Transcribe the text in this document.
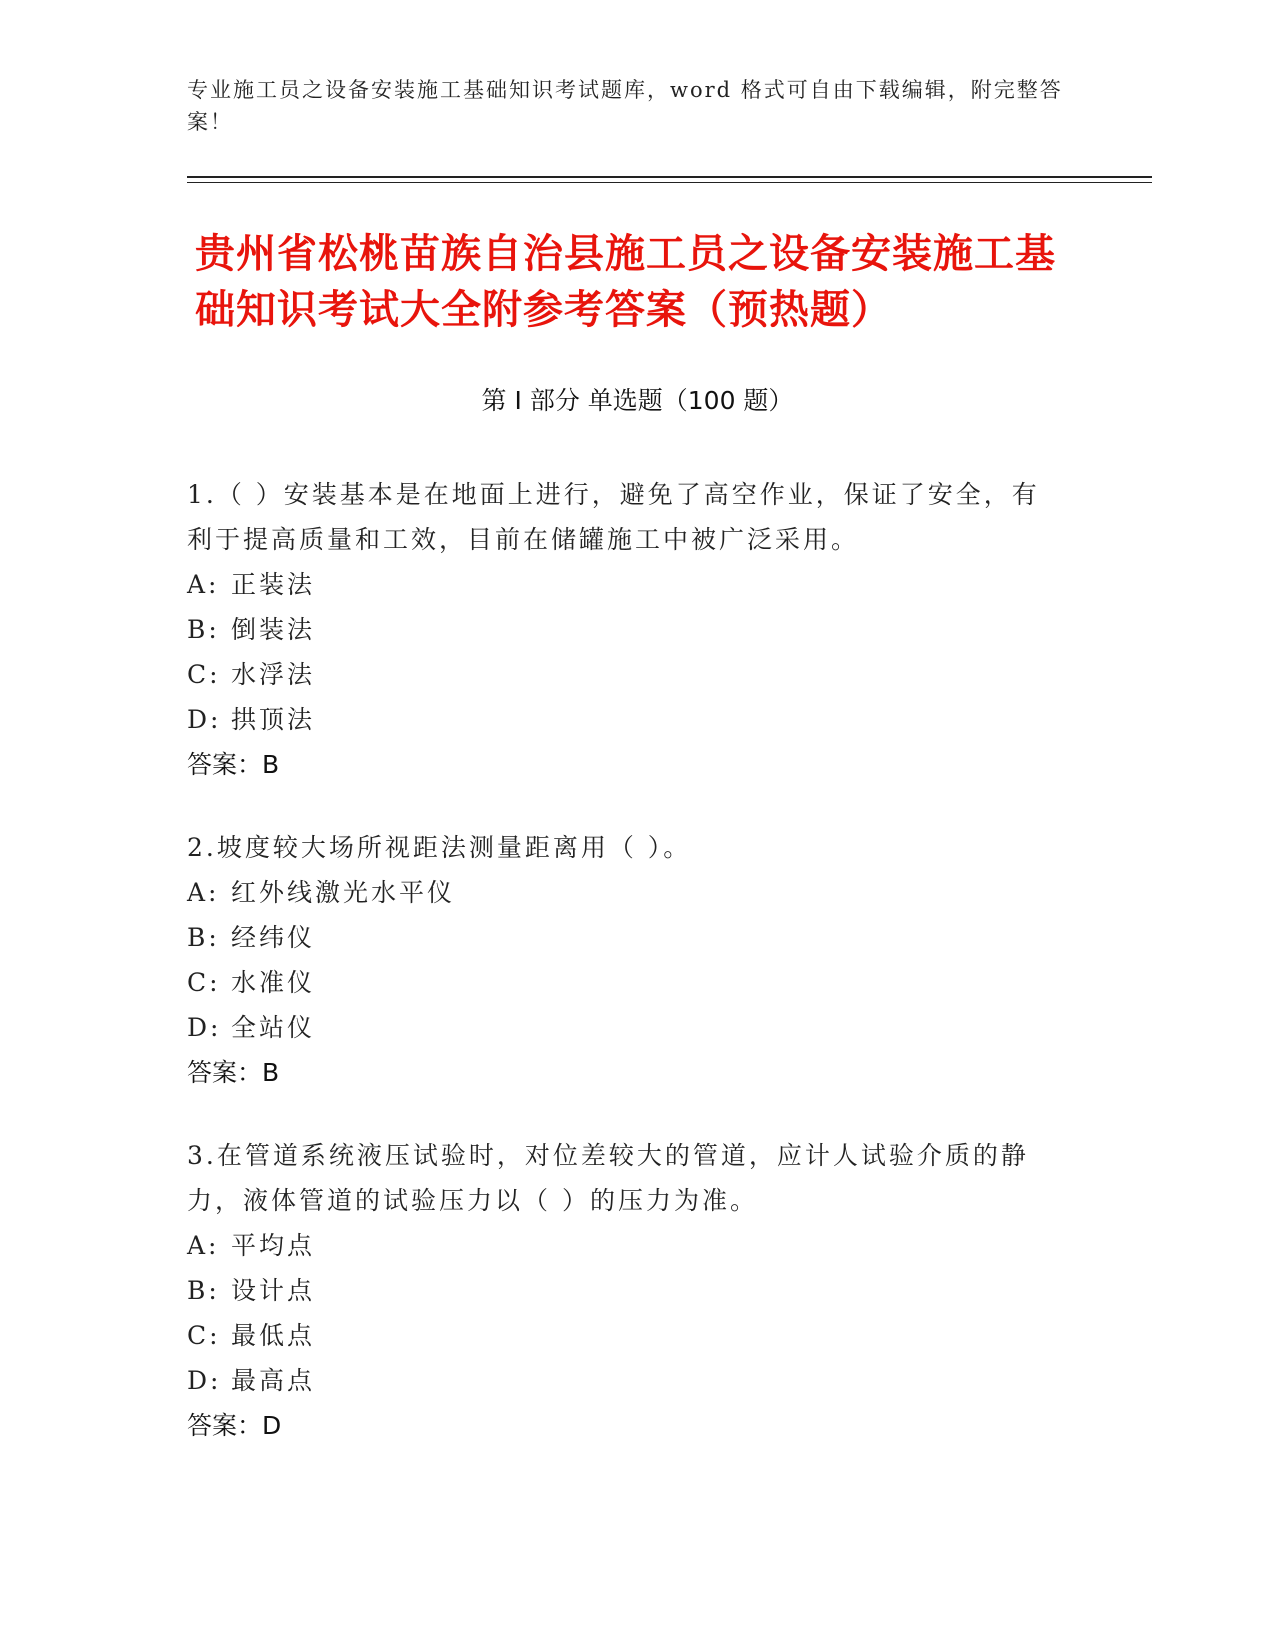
专业施工员之设备安装施工基础知识考试题库，word 格式可自由下载编辑，附完整答案！
贵州省松桃苗族自治县施工员之设备安装施工基础知识考试大全附参考答案（预热题）
第 I 部分 单选题（100 题）
1.（ ）安装基本是在地面上进行，避免了高空作业，保证了安全，有利于提高质量和工效，目前在储罐施工中被广泛采用。
A: 正装法
B: 倒装法
C: 水浮法
D: 拱顶法
答案：B
2.坡度较大场所视距法测量距离用（ ）。
A: 红外线激光水平仪
B: 经纬仪
C: 水准仪
D: 全站仪
答案：B
3.在管道系统液压试验时，对位差较大的管道，应计人试验介质的静力，液体管道的试验压力以（ ）的压力为准。
A: 平均点
B: 设计点
C: 最低点
D: 最高点
答案：D
